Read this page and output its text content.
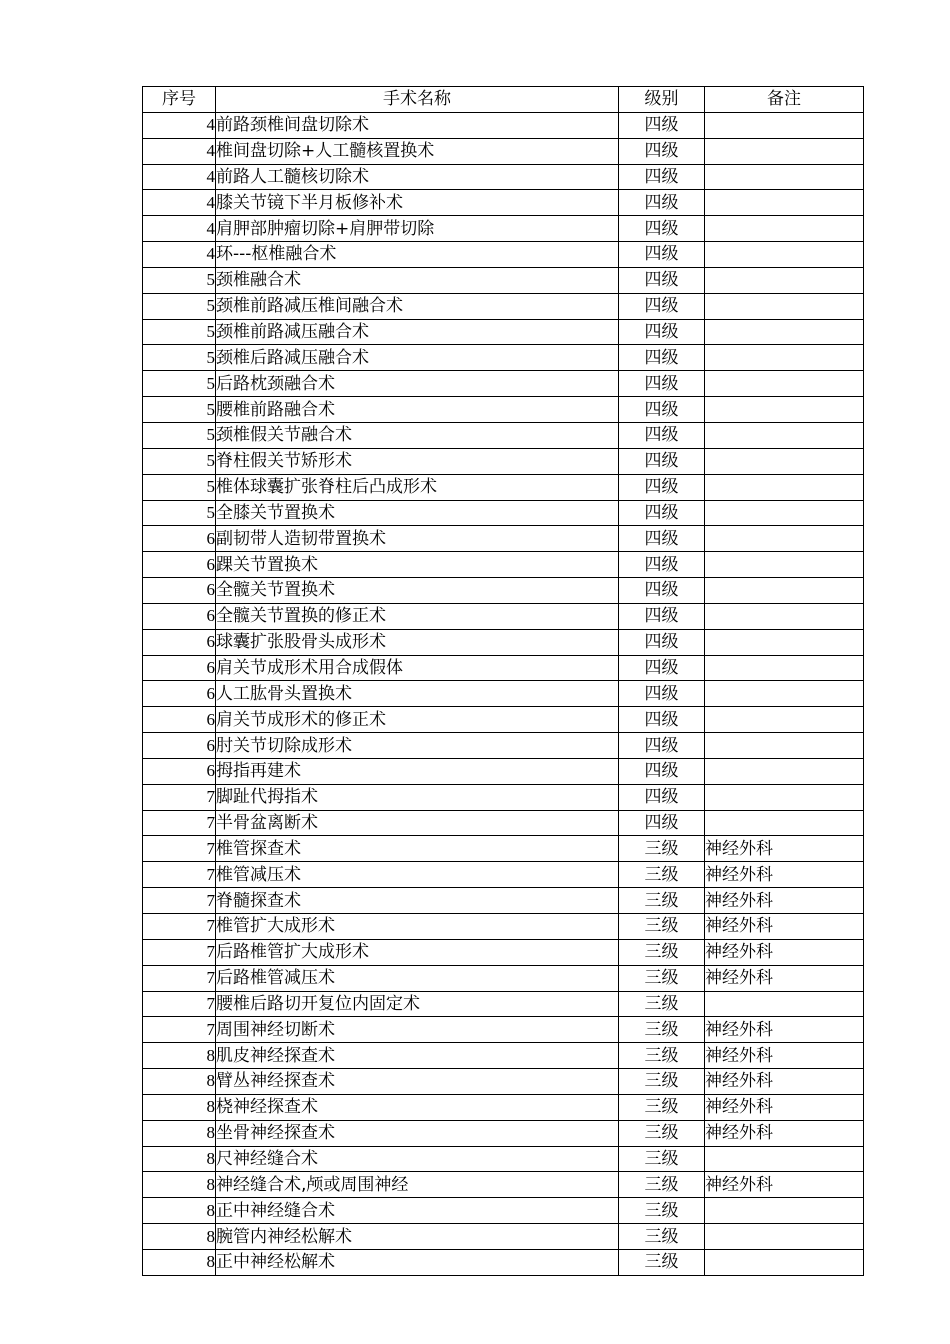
序号	手术名称	级别	备注
4	前路颈椎间盘切除术	四级	
4	椎间盘切除+人工髓核置换术	四级	
4	前路人工髓核切除术	四级	
4	膝关节镜下半月板修补术	四级	
4	肩胛部肿瘤切除+肩胛带切除	四级	
4	环---枢椎融合术	四级	
5	颈椎融合术	四级	
5	颈椎前路减压椎间融合术	四级	
5	颈椎前路减压融合术	四级	
5	颈椎后路减压融合术	四级	
5	后路枕颈融合术	四级	
5	腰椎前路融合术	四级	
5	颈椎假关节融合术	四级	
5	脊柱假关节矫形术	四级	
5	椎体球囊扩张脊柱后凸成形术	四级	
5	全膝关节置换术	四级	
6	副韧带人造韧带置换术	四级	
6	踝关节置换术	四级	
6	全髋关节置换术	四级	
6	全髋关节置换的修正术	四级	
6	球囊扩张股骨头成形术	四级	
6	肩关节成形术用合成假体	四级	
6	人工肱骨头置换术	四级	
6	肩关节成形术的修正术	四级	
6	肘关节切除成形术	四级	
6	拇指再建术	四级	
7	脚趾代拇指术	四级	
7	半骨盆离断术	四级	
7	椎管探查术	三级	神经外科
7	椎管减压术	三级	神经外科
7	脊髓探查术	三级	神经外科
7	椎管扩大成形术	三级	神经外科
7	后路椎管扩大成形术	三级	神经外科
7	后路椎管减压术	三级	神经外科
7	腰椎后路切开复位内固定术	三级	
7	周围神经切断术	三级	神经外科
8	肌皮神经探查术	三级	神经外科
8	臂丛神经探查术	三级	神经外科
8	桡神经探查术	三级	神经外科
8	坐骨神经探查术	三级	神经外科
8	尺神经缝合术	三级	
8	神经缝合术,颅或周围神经	三级	神经外科
8	正中神经缝合术	三级	
8	腕管内神经松解术	三级	
8	正中神经松解术	三级	
